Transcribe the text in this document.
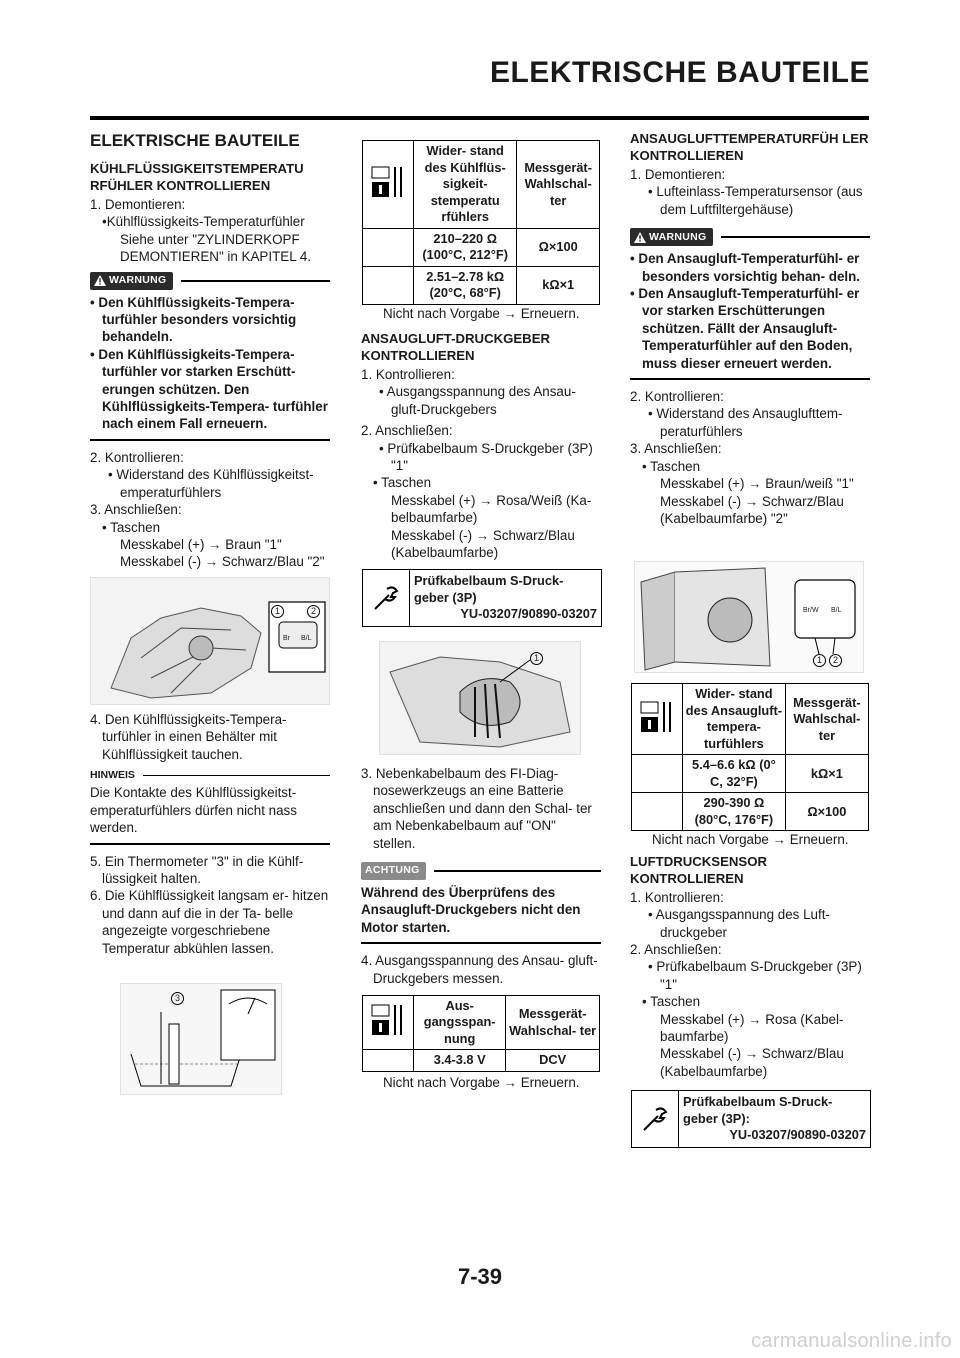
ELEKTRISCHE BAUTEILE
ELEKTRISCHE BAUTEILE
KÜHLFLÜSSIGKEITSTEMPERATU RFÜHLER KONTROLLIEREN
1. Demontieren:
•Kühlflüssigkeits-Temperaturfühler
Siehe unter "ZYLINDERKOPF DEMONTIEREN" in KAPITEL 4.
WARNUNG
• Den Kühlflüssigkeits-Tempera- turfühler besonders vorsichtig behandeln.
• Den Kühlflüssigkeits-Tempera- turfühler vor starken Erschütt- erungen schützen. Den Kühlflüssigkeits-Tempera- turfühler nach einem Fall erneuern.
2. Kontrollieren:
• Widerstand des Kühlflüssigkeitst- emperaturfühlers
3. Anschließen:
• Taschen
Messkabel (+) → Braun "1"
Messkabel (-) → Schwarz/Blau "2"
Br B/L
1	2
4. Den Kühlflüssigkeits-Tempera- turfühler in einen Behälter mit Kühlflüssigkeit tauchen.
HINWEIS
Die Kontakte des Kühlflüssigkeitst- emperaturfühlers dürfen nicht nass werden.
5. Ein Thermometer "3" in die Kühlf- lüssigkeit halten.
6. Die Kühlflüssigkeit langsam er- hitzen und dann auf die in der Ta- belle angezeigte vorgeschriebene Temperatur abkühlen lassen.
3
	Wider- stand des Kühlflüs- sigkeit- stemperatu rfühlers	Messgerät- Wahlschal- ter
	210–220 Ω (100°C, 212°F)	Ω×100
	2.51–2.78 kΩ (20°C, 68°F)	kΩ×1
Nicht nach Vorgabe → Erneuern.
ANSAUGLUFT-DRUCKGEBER KONTROLLIEREN
1. Kontrollieren:
• Ausgangsspannung des Ansau- gluft-Druckgebers
2. Anschließen:
• Prüfkabelbaum S-Druckgeber (3P) "1"
• Taschen
Messkabel (+) → Rosa/Weiß (Ka- belbaumfarbe)
Messkabel (-) → Schwarz/Blau (Kabelbaumfarbe)
Prüfkabelbaum S-Druck- geber (3P)
YU-03207/90890-03207
1
3. Nebenkabelbaum des FI-Diag- nosewerkzeugs an eine Batterie anschließen und dann den Schal- ter am Nebenkabelbaum auf "ON" stellen.
ACHTUNG
Während des Überprüfens des Ansaugluft-Druckgebers nicht den Motor starten.
4. Ausgangsspannung des Ansau- gluft-Druckgebers messen.
	Aus- gangsspan- nung	Messgerät- Wahlschal- ter
	3.4-3.8 V	DCV
Nicht nach Vorgabe → Erneuern.
ANSAUGLUFTTEMPERATURFÜH LER KONTROLLIEREN
1. Demontieren:
• Lufteinlass-Temperatursensor (aus dem Luftfiltergehäuse)
WARNUNG
• Den Ansaugluft-Temperaturfühl- er besonders vorsichtig behan- deln.
• Den Ansaugluft-Temperaturfühl- er vor starken Erschütterungen schützen. Fällt der Ansaugluft- Temperaturfühler auf den Boden, muss dieser erneuert werden.
2. Kontrollieren:
• Widerstand des Ansauglufttem- peraturfühlers
3. Anschließen:
• Taschen
Messkabel (+) → Braun/weiß "1"
Messkabel (-) → Schwarz/Blau (Kabelbaumfarbe) "2"
Br/W B/L
1	2
	Wider- stand des Ansaugluft- tempera- turfühlers	Messgerät- Wahlschal- ter
	5.4–6.6 kΩ (0° C, 32°F)	kΩ×1
	290-390 Ω (80°C, 176°F)	Ω×100
Nicht nach Vorgabe → Erneuern.
LUFTDRUCKSENSOR KONTROLLIEREN
1. Kontrollieren:
• Ausgangsspannung des Luft- druckgeber
2. Anschließen:
• Prüfkabelbaum S-Druckgeber (3P) "1"
• Taschen
Messkabel (+) → Rosa (Kabel- baumfarbe)
Messkabel (-) → Schwarz/Blau (Kabelbaumfarbe)
Prüfkabelbaum S-Druck- geber (3P):
YU-03207/90890-03207
7-39
carmanualsonline.info
